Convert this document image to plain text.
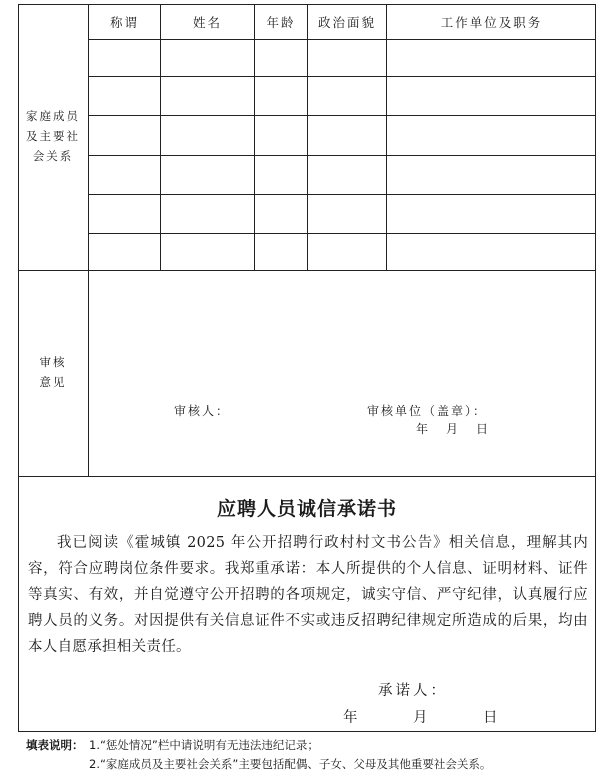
家庭成员
及主要社
会关系
称谓	姓名	年龄	政治面貌	工作单位及职务
审核
意见
审核人：	审核单位（盖章）：
年　月　日
应聘人员诚信承诺书
我已阅读《霍城镇 2025 年公开招聘行政村村文书公告》相关信息，理解其内容，符合应聘岗位条件要求。我郑重承诺：本人所提供的个人信息、证明材料、证件等真实、有效，并自觉遵守公开招聘的各项规定，诚实守信、严守纪律，认真履行应聘人员的义务。对因提供有关信息证件不实或违反招聘纪律规定所造成的后果，均由本人自愿承担相关责任。
承诺人：
年　　　月　　　日
填表说明： 1.“惩处情况”栏中请说明有无违法违纪记录；
2.“家庭成员及主要社会关系”主要包括配偶、子女、父母及其他重要社会关系。
